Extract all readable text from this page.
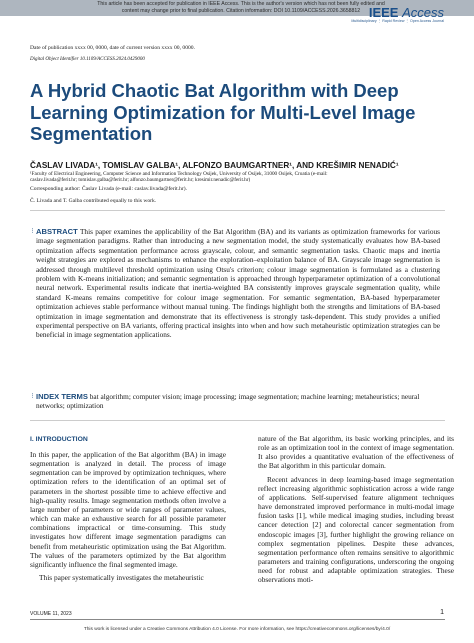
This article has been accepted for publication in IEEE Access. This is the author's version which has not been fully edited and
content may change prior to final publication. Citation information: DOI 10.1109/ACCESS.2026.3658812 IEEE Access
Multidisciplinary ⋮ Rapid Review ⋮ Open Access Journal
Date of publication xxxx 00, 0000, date of current version xxxx 00, 0000.
Digital Object Identifier 10.1109/ACCESS.2024.0429000
A Hybrid Chaotic Bat Algorithm with Deep Learning Optimization for Multi-Level Image Segmentation
ČASLAV LIVADA¹, TOMISLAV GALBA¹, ALFONZO BAUMGARTNER¹, AND KREŠIMIR NENADIĆ¹
¹Faculty of Electrical Engineering, Computer Science and Information Technology Osijek, University of Osijek, 31000 Osijek, Croatia (e-mail:
caslav.livada@ferit.hr; tomislav.galba@ferit.hr; alfonzo.baumgartner@ferit.hr; kresimir.nenadic@ferit.hr)
Corresponding author: Časlav Livada (e-mail: caslav.livada@ferit.hr).
Č. Livada and T. Galba contributed equally to this work.
⋮ ABSTRACT This paper examines the applicability of the Bat Algorithm (BA) and its variants as optimization frameworks for various image segmentation paradigms. Rather than introducing a new segmentation model, the study systematically evaluates how BA-based optimization affects segmentation performance across grayscale, colour, and semantic segmentation tasks. Chaotic maps and inertia weight strategies are explored as mechanisms to enhance the exploration–exploitation balance of BA. Grayscale image segmentation is addressed through multilevel threshold optimization using Otsu's criterion; colour image segmentation is formulated as a clustering problem with K-means initialization; and semantic segmentation is approached through hyperparameter optimization of a convolutional neural network. Experimental results indicate that inertia-weighted BA consistently improves grayscale segmentation quality, while standard K-means remains competitive for colour image segmentation. For semantic segmentation, BA-based hyperparameter optimization achieves stable performance without manual tuning. The findings highlight both the strengths and limitations of BA-based optimization in image segmentation and demonstrate that its effectiveness is strongly task-dependent. This study provides a unified experimental perspective on BA variants, offering practical insights into when and how such metaheuristic optimization strategies can be beneficial in image segmentation applications.
⋮ INDEX TERMS bat algorithm; computer vision; image processing; image segmentation; machine learning; metaheuristics; neural networks; optimization
I. INTRODUCTION

In this paper, the application of the Bat algorithm (BA) in image segmentation is analyzed in detail. The process of image segmentation can be improved by optimization techniques, where optimization refers to the identification of an optimal set of parameters in the shortest possible time to achieve effective and high-quality results. Image segmentation methods often involve a large number of parameters or wide ranges of parameter values, which can make an exhaustive search for all possible parameter combinations impractical or time-consuming. This study investigates how different image segmentation paradigms can benefit from metaheuristic optimization using the Bat Algorithm. The values of the parameters optimized by the Bat algorithm significantly influence the final segmented image.

This paper systematically investigates the metaheuristic

nature of the Bat algorithm, its basic working principles, and its role as an optimization tool in the context of image segmentation. It also provides a quantitative evaluation of the effectiveness of the Bat algorithm in this particular domain.

Recent advances in deep learning-based image segmentation reflect increasing algorithmic sophistication across a wide range of applications. Self-supervised feature alignment techniques have demonstrated improved performance in multi-modal image fusion tasks [1], while medical imaging studies, including breast cancer detection [2] and colorectal cancer segmentation from endoscopic images [3], further highlight the growing reliance on complex segmentation pipelines. Despite these advances, segmentation performance often remains sensitive to algorithmic parameters and training configurations, underscoring the ongoing need for robust and adaptable optimization strategies. These observations moti-

VOLUME 11, 2023	1
This work is licensed under a Creative Commons Attribution 4.0 License. For more information, see https://creativecommons.org/licenses/by/4.0/
